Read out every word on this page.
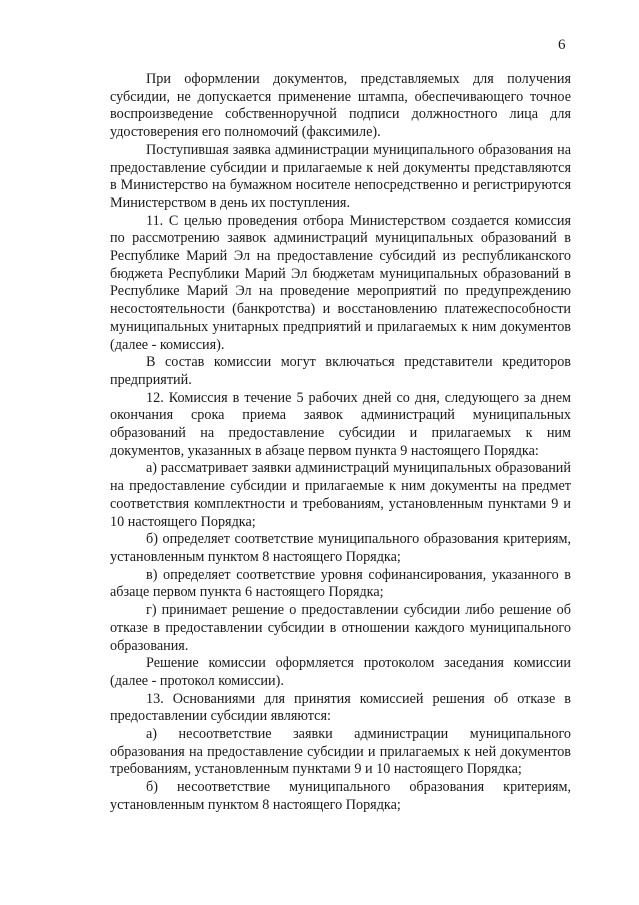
6

При оформлении документов, представляемых для получения субсидии, не допускается применение штампа, обеспечивающего точное воспроизведение собственноручной подписи должностного лица для удостоверения его полномочий (факсимиле).

Поступившая заявка администрации муниципального образования на предоставление субсидии и прилагаемые к ней документы представляются в Министерство на бумажном носителе непосредственно и регистрируются Министерством в день их поступления.

11. С целью проведения отбора Министерством создается комиссия по рассмотрению заявок администраций муниципальных образований в Республике Марий Эл на предоставление субсидий из республиканского бюджета Республики Марий Эл бюджетам муниципальных образований в Республике Марий Эл на проведение мероприятий по предупреждению несостоятельности (банкротства) и восстановлению платежеспособности муниципальных унитарных предприятий и прилагаемых к ним документов (далее - комиссия).

В состав комиссии могут включаться представители кредиторов предприятий.

12. Комиссия в течение 5 рабочих дней со дня, следующего за днем окончания срока приема заявок администраций муниципальных образований на предоставление субсидии и прилагаемых к ним документов, указанных в абзаце первом пункта 9 настоящего Порядка:

а) рассматривает заявки администраций муниципальных образований на предоставление субсидии и прилагаемые к ним документы на предмет соответствия комплектности и требованиям, установленным пунктами 9 и 10 настоящего Порядка;

б) определяет соответствие муниципального образования критериям, установленным пунктом 8 настоящего Порядка;

в) определяет соответствие уровня софинансирования, указанного в абзаце первом пункта 6 настоящего Порядка;

г) принимает решение о предоставлении субсидии либо решение об отказе в предоставлении субсидии в отношении каждого муниципального образования.

Решение комиссии оформляется протоколом заседания комиссии (далее - протокол комиссии).

13. Основаниями для принятия комиссией решения об отказе в предоставлении субсидии являются:

а) несоответствие заявки администрации муниципального образования на предоставление субсидии и прилагаемых к ней документов требованиям, установленным пунктами 9 и 10 настоящего Порядка;

б) несоответствие муниципального образования критериям, установленным пунктом 8 настоящего Порядка;
